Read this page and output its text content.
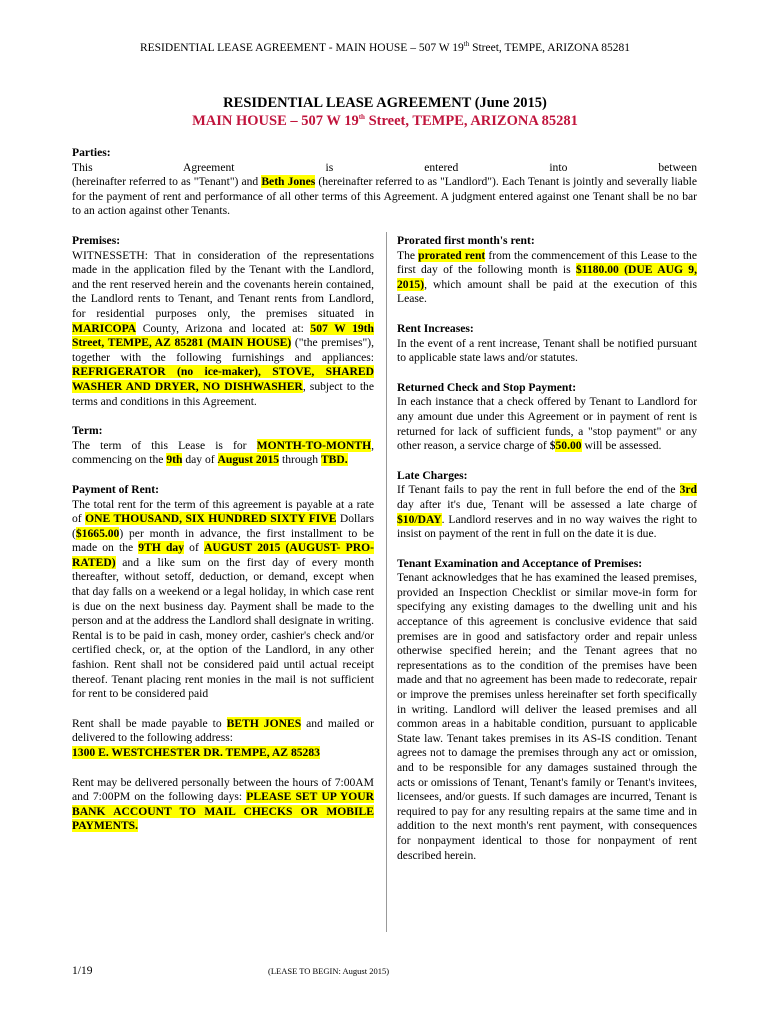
RESIDENTIAL LEASE AGREEMENT - MAIN HOUSE – 507 W 19th Street, TEMPE, ARIZONA 85281
RESIDENTIAL LEASE AGREEMENT (June 2015)
MAIN HOUSE – 507 W 19th Street, TEMPE, ARIZONA 85281
Parties:
This Agreement is entered into between
(hereinafter referred to as "Tenant") and Beth Jones (hereinafter referred to as "Landlord"). Each Tenant is jointly and severally liable for the payment of rent and performance of all other terms of this Agreement. A judgment entered against one Tenant shall be no bar to an action against other Tenants.
Premises:

WITNESSETH: That in consideration of the representations made in the application filed by the Tenant with the Landlord, and the rent reserved herein and the covenants herein contained, the Landlord rents to Tenant, and Tenant rents from Landlord, for residential purposes only, the premises situated in MARICOPA County, Arizona and located at: 507 W 19th Street, TEMPE, AZ 85281 (MAIN HOUSE) ("the premises"), together with the following furnishings and appliances: REFRIGERATOR (no ice-maker), STOVE, SHARED WASHER AND DRYER, NO DISHWASHER, subject to the terms and conditions in this Agreement.

Term:

The term of this Lease is for MONTH-TO-MONTH, commencing on the 9th day of August 2015 through TBD.

Payment of Rent:

The total rent for the term of this agreement is payable at a rate of ONE THOUSAND, SIX HUNDRED SIXTY FIVE Dollars ($1665.00) per month in advance, the first installment to be made on the 9TH day of AUGUST 2015 (AUGUST- PRO-RATED) and a like sum on the first day of every month thereafter, without setoff, deduction, or demand, except when that day falls on a weekend or a legal holiday, in which case rent is due on the next business day. Payment shall be made to the person and at the address the Landlord shall designate in writing. Rental is to be paid in cash, money order, cashier's check and/or certified check, or, at the option of the Landlord, in any other fashion. Rent shall not be considered paid until actual receipt thereof. Tenant placing rent monies in the mail is not sufficient for rent to be considered paid

Rent shall be made payable to BETH JONES and mailed or delivered to the following address:

1300 E. WESTCHESTER DR. TEMPE, AZ 85283

Rent may be delivered personally between the hours of 7:00AM and 7:00PM on the following days: PLEASE SET UP YOUR BANK ACCOUNT TO MAIL CHECKS OR MOBILE PAYMENTS.

Prorated first month's rent:

The prorated rent from the commencement of this Lease to the first day of the following month is $1180.00 (DUE AUG 9, 2015), which amount shall be paid at the execution of this Lease.

Rent Increases:

In the event of a rent increase, Tenant shall be notified pursuant to applicable state laws and/or statutes.

Returned Check and Stop Payment:

In each instance that a check offered by Tenant to Landlord for any amount due under this Agreement or in payment of rent is returned for lack of sufficient funds, a "stop payment" or any other reason, a service charge of $50.00 will be assessed.

Late Charges:

If Tenant fails to pay the rent in full before the end of the 3rd day after it's due, Tenant will be assessed a late charge of $10/DAY. Landlord reserves and in no way waives the right to insist on payment of the rent in full on the date it is due.

Tenant Examination and Acceptance of Premises:

Tenant acknowledges that he has examined the leased premises, provided an Inspection Checklist or similar move-in form for specifying any existing damages to the dwelling unit and his acceptance of this agreement is conclusive evidence that said premises are in good and satisfactory order and repair unless otherwise specified herein; and the Tenant agrees that no representations as to the condition of the premises have been made and that no agreement has been made to redecorate, repair or improve the premises unless hereinafter set forth specifically in writing. Landlord will deliver the leased premises and all common areas in a habitable condition, pursuant to applicable State law. Tenant takes premises in its AS-IS condition. Tenant agrees not to damage the premises through any act or omission, and to be responsible for any damages sustained through the acts or omissions of Tenant, Tenant's family or Tenant's invitees, licensees, and/or guests. If such damages are incurred, Tenant is required to pay for any resulting repairs at the same time and in addition to the next month's rent payment, with consequences for nonpayment identical to those for nonpayment of rent described herein.

1/19	(LEASE TO BEGIN: August 2015)
